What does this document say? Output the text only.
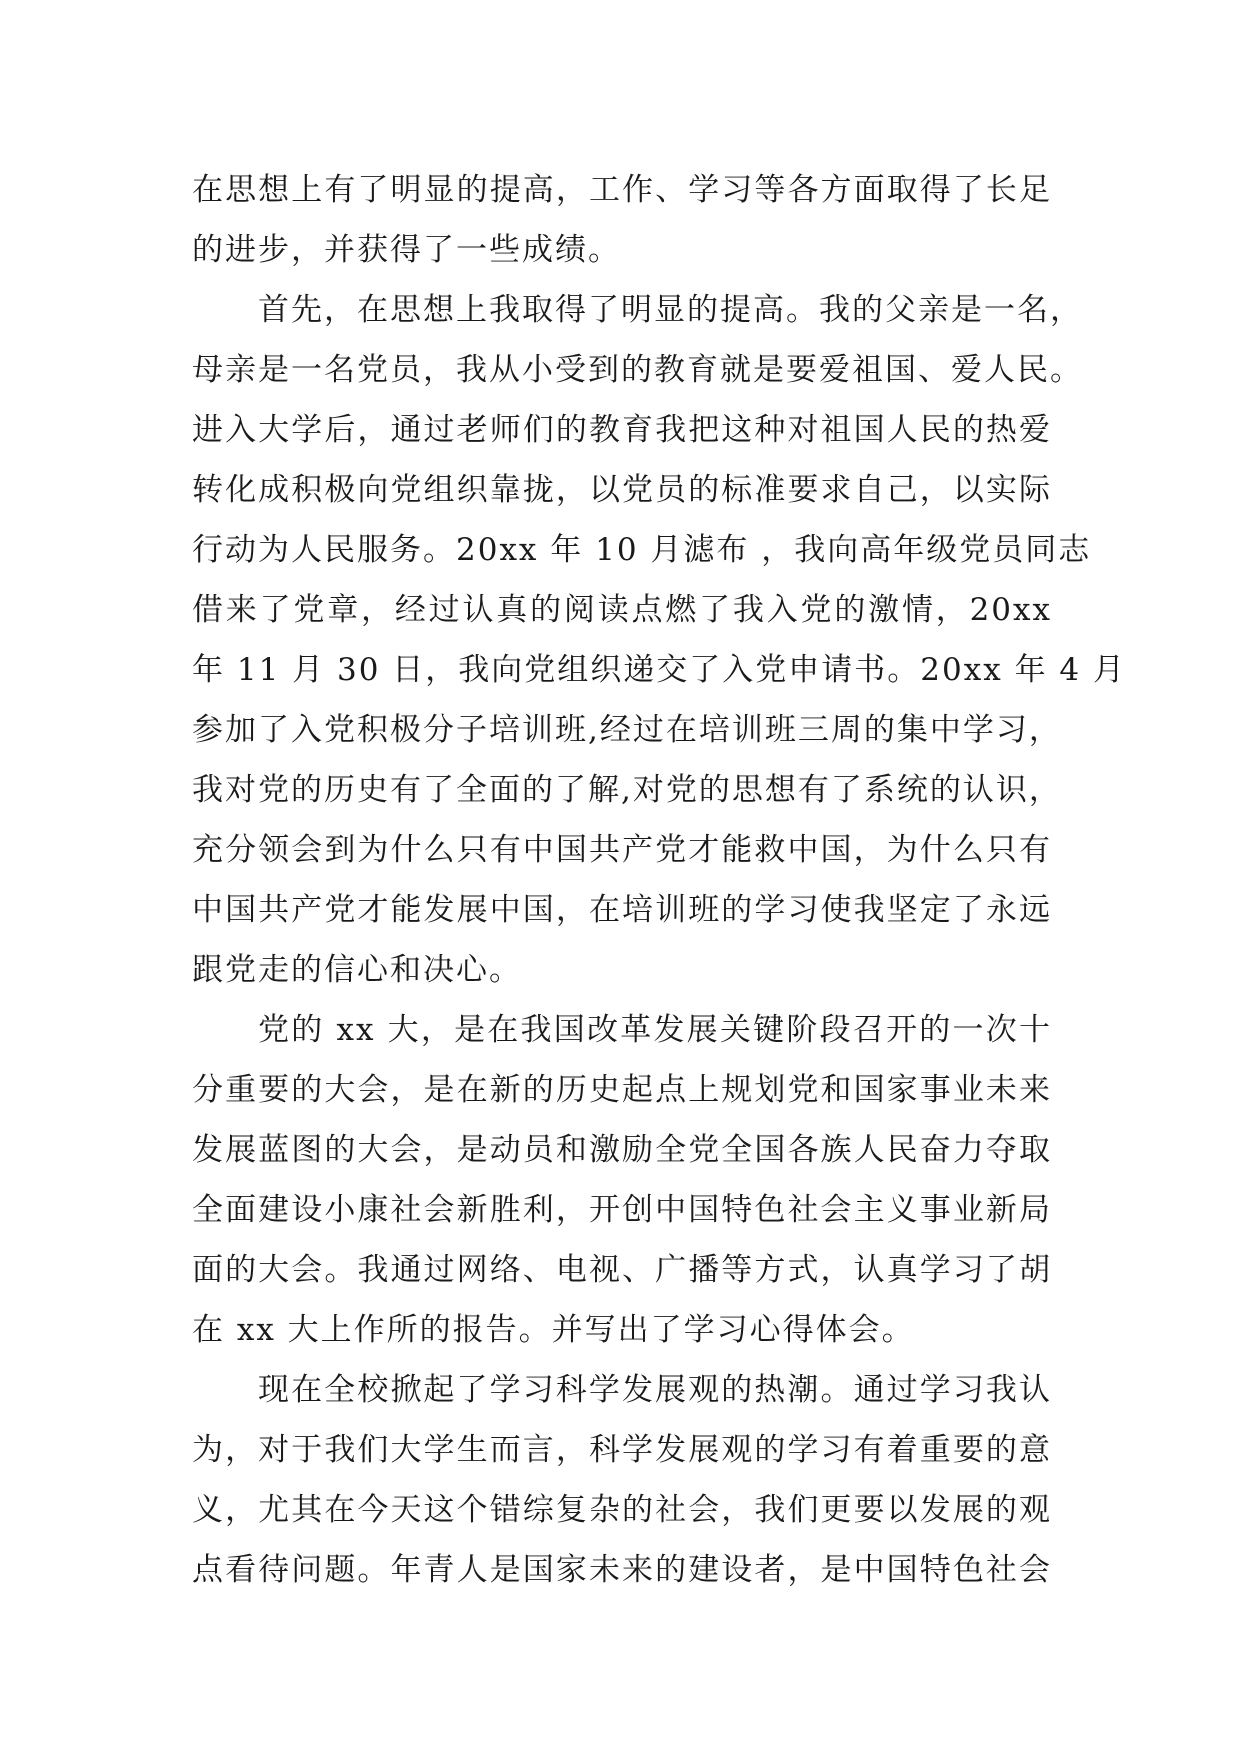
在思想上有了明显的提高，工作、学习等各方面取得了长足
的进步，并获得了一些成绩。
首先，在思想上我取得了明显的提高。我的父亲是一名，
母亲是一名党员，我从小受到的教育就是要爱祖国、爱人民。
进入大学后，通过老师们的教育我把这种对祖国人民的热爱
转化成积极向党组织靠拢，以党员的标准要求自己，以实际
行动为人民服务。20xx 年 10 月滤布 ，我向高年级党员同志
借来了党章，经过认真的阅读点燃了我入党的激情，20xx
年 11 月 30 日，我向党组织递交了入党申请书。20xx 年 4 月
参加了入党积极分子培训班,经过在培训班三周的集中学习，
我对党的历史有了全面的了解,对党的思想有了系统的认识，
充分领会到为什么只有中国共产党才能救中国，为什么只有
中国共产党才能发展中国，在培训班的学习使我坚定了永远
跟党走的信心和决心。
党的 xx 大，是在我国改革发展关键阶段召开的一次十
分重要的大会，是在新的历史起点上规划党和国家事业未来
发展蓝图的大会，是动员和激励全党全国各族人民奋力夺取
全面建设小康社会新胜利，开创中国特色社会主义事业新局
面的大会。我通过网络、电视、广播等方式，认真学习了胡
在 xx 大上作所的报告。并写出了学习心得体会。
现在全校掀起了学习科学发展观的热潮。通过学习我认
为，对于我们大学生而言，科学发展观的学习有着重要的意
义，尤其在今天这个错综复杂的社会，我们更要以发展的观
点看待问题。年青人是国家未来的建设者，是中国特色社会
